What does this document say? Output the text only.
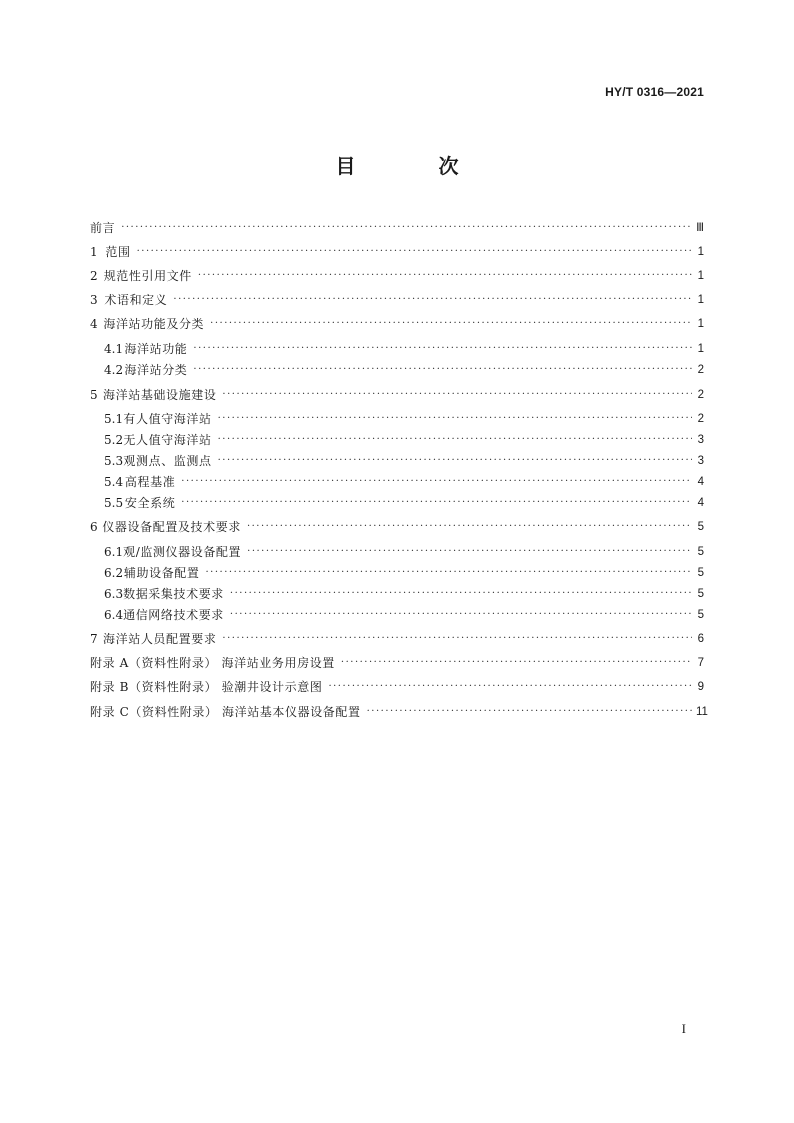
HY/T 0316—2021
目 次
前言 ·····	Ⅲ
1 范围 ·····	1
2 规范性引用文件 ·····	1
3 术语和定义 ·····	1
4 海洋站功能及分类 ·····	1
4.1 海洋站功能 ·····	1
4.2 海洋站分类 ·····	2
5 海洋站基础设施建设 ·····	2
5.1 有人值守海洋站 ·····	2
5.2 无人值守海洋站 ·····	3
5.3 观测点、监测点 ·····	3
5.4 高程基准 ·····	4
5.5 安全系统 ·····	4
6 仪器设备配置及技术要求 ·····	5
6.1 观/监测仪器设备配置 ·····	5
6.2 辅助设备配置 ·····	5
6.3 数据采集技术要求 ·····	5
6.4 通信网络技术要求 ·····	5
7 海洋站人员配置要求 ·····	6
附录 A（资料性附录） 海洋站业务用房设置 ·····	7
附录 B（资料性附录） 验潮井设计示意图 ·····	9
附录 C（资料性附录） 海洋站基本仪器设备配置 ·····	11
I
